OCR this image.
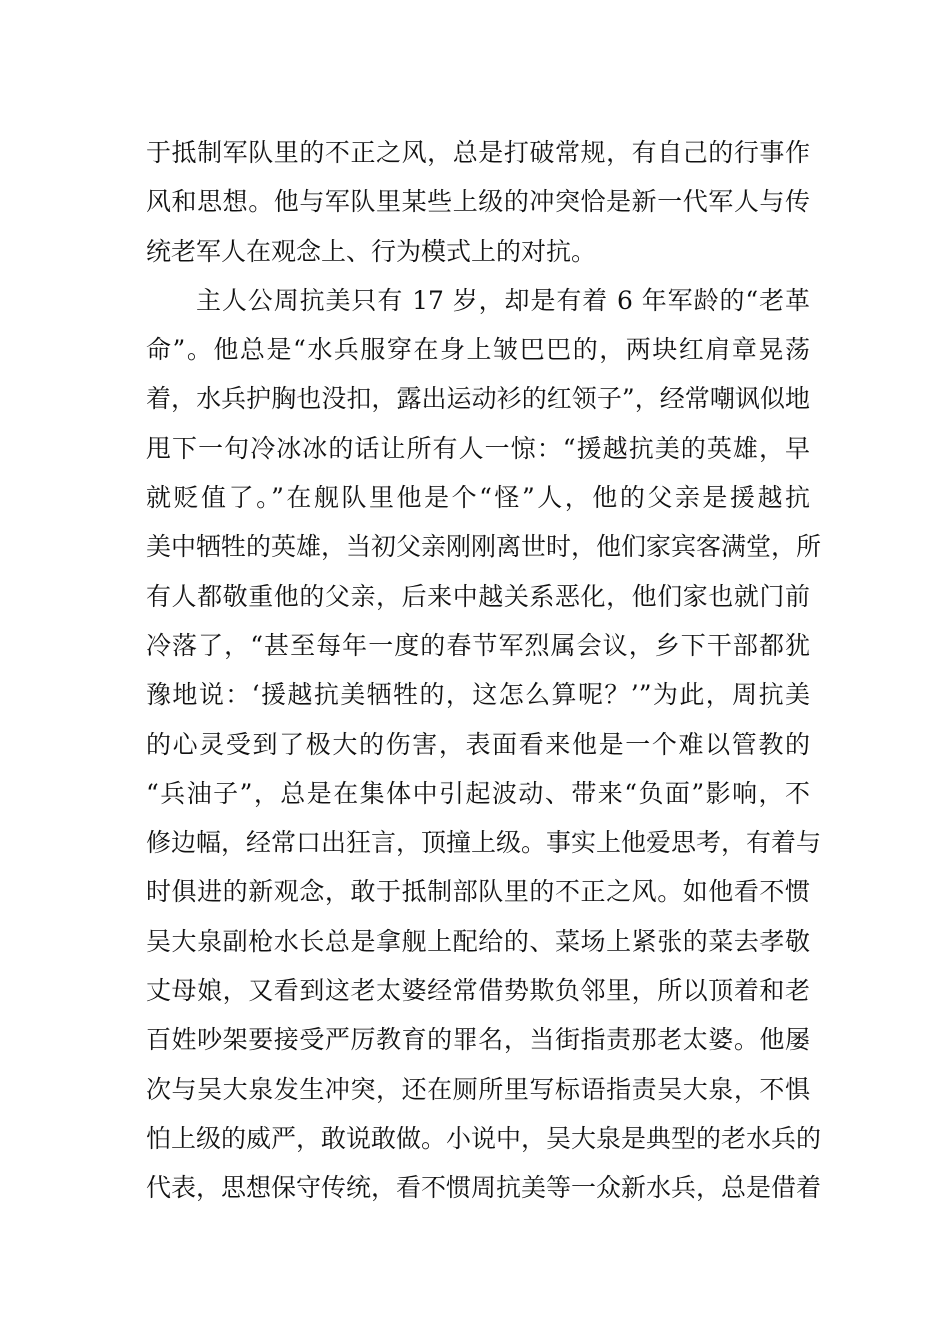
于抵制军队里的不正之风，总是打破常规，有自己的行事作
风和思想。他与军队里某些上级的冲突恰是新一代军人与传
统老军人在观念上、行为模式上的对抗。
主人公周抗美只有 17 岁，却是有着 6 年军龄的“老革
命”。他总是“水兵服穿在身上皱巴巴的，两块红肩章晃荡
着，水兵护胸也没扣，露出运动衫的红领子”，经常嘲讽似地
甩下一句冷冰冰的话让所有人一惊：“援越抗美的英雄，早
就贬值了。”在舰队里他是个“怪”人，他的父亲是援越抗
美中牺牲的英雄，当初父亲刚刚离世时，他们家宾客满堂，所
有人都敬重他的父亲，后来中越关系恶化，他们家也就门前
冷落了，“甚至每年一度的春节军烈属会议，乡下干部都犹
豫地说：‘援越抗美牺牲的，这怎么算呢？’”为此，周抗美
的心灵受到了极大的伤害，表面看来他是一个难以管教的
“兵油子”，总是在集体中引起波动、带来“负面”影响，不
修边幅，经常口出狂言，顶撞上级。事实上他爱思考，有着与
时俱进的新观念，敢于抵制部队里的不正之风。如他看不惯
吴大泉副枪水长总是拿舰上配给的、菜场上紧张的菜去孝敬
丈母娘，又看到这老太婆经常借势欺负邻里，所以顶着和老
百姓吵架要接受严厉教育的罪名，当街指责那老太婆。他屡
次与吴大泉发生冲突，还在厕所里写标语指责吴大泉，不惧
怕上级的威严，敢说敢做。小说中，吴大泉是典型的老水兵的
代表，思想保守传统，看不惯周抗美等一众新水兵，总是借着
